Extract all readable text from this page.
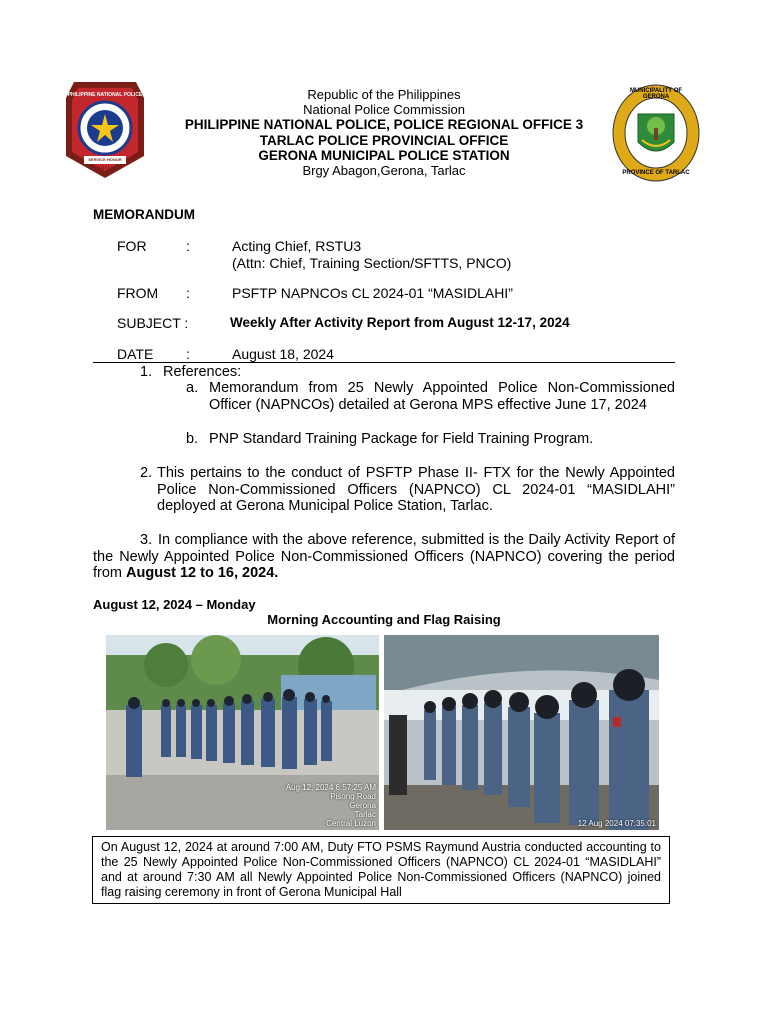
PHILIPPINE NATIONAL POLICE
SERVICE HONOR JUSTICE
MUNICIPALITY OF GERONA
PROVINCE OF TARLAC
Republic of the Philippines
National Police Commission
PHILIPPINE NATIONAL POLICE, POLICE REGIONAL OFFICE 3
TARLAC POLICE PROVINCIAL OFFICE
GERONA MUNICIPAL POLICE STATION
Brgy Abagon,Gerona, Tarlac
MEMORANDUM
FOR	:	Acting Chief, RSTU3
(Attn: Chief, Training Section/SFTTS, PNCO)
FROM :	PSFTP NAPNCOs CL 2024-01 “MASIDLAHI”
SUBJECT :	Weekly After Activity Report from August 12-17, 2024
DATE :	August 18, 2024
1. References:
a. Memorandum from 25 Newly Appointed Police Non-Commissioned Officer (NAPNCOs) detailed at Gerona MPS effective June 17, 2024
b. PNP Standard Training Package for Field Training Program.
2. This pertains to the conduct of PSFTP Phase II- FTX for the Newly Appointed Police Non-Commissioned Officers (NAPNCO) CL 2024-01 “MASIDLAHI” deployed at Gerona Municipal Police Station, Tarlac.
3. In compliance with the above reference, submitted is the Daily Activity Report of the Newly Appointed Police Non-Commissioned Officers (NAPNCO) covering the period from August 12 to 16, 2024.
August 12, 2024 – Monday
Morning Accounting and Flag Raising
Aug 12, 2024 6:57:25 AM
Pisong Road
Gerona
Tarlac
Central Luzon	12 Aug 2024 07:35:01
On August 12, 2024 at around 7:00 AM, Duty FTO PSMS Raymund Austria conducted accounting to the 25 Newly Appointed Police Non-Commissioned Officers (NAPNCO) CL 2024-01 “MASIDLAHI” and at around 7:30 AM all Newly Appointed Police Non-Commissioned Officers (NAPNCO) joined flag raising ceremony in front of Gerona Municipal Hall
